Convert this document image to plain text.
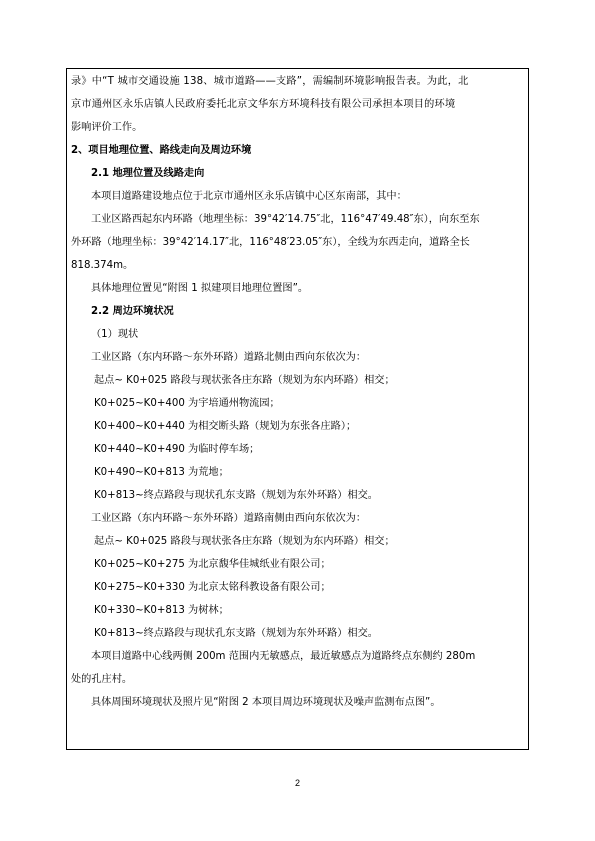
录》中“T 城市交通设施 138、城市道路——支路”，需编制环境影响报告表。为此，北
京市通州区永乐店镇人民政府委托北京文华东方环境科技有限公司承担本项目的环境
影响评价工作。
2、项目地理位置、路线走向及周边环境
2.1 地理位置及线路走向
本项目道路建设地点位于北京市通州区永乐店镇中心区东南部，其中：
工业区路西起东内环路（地理坐标：39°42′14.75″北，116°47′49.48″东），向东至东
外环路（地理坐标：39°42′14.17″北，116°48′23.05″东），全线为东西走向，道路全长
818.374m。
具体地理位置见“附图 1 拟建项目地理位置图”。
2.2 周边环境状况
（1）现状
工业区路（东内环路～东外环路）道路北侧由西向东依次为：
起点~ K0+025 路段与现状张各庄东路（规划为东内环路）相交；
K0+025~K0+400 为宇培通州物流园；
K0+400~K0+440 为相交断头路（规划为东张各庄路）；
K0+440~K0+490 为临时停车场；
K0+490~K0+813 为荒地；
K0+813~终点路段与现状孔东支路（规划为东外环路）相交。
工业区路（东内环路～东外环路）道路南侧由西向东依次为：
起点~ K0+025 路段与现状张各庄东路（规划为东内环路）相交；
K0+025~K0+275 为北京馥华佳城纸业有限公司；
K0+275~K0+330 为北京太铭科教设备有限公司；
K0+330~K0+813 为树林；
K0+813~终点路段与现状孔东支路（规划为东外环路）相交。
本项目道路中心线两侧 200m 范围内无敏感点，最近敏感点为道路终点东侧约 280m
处的孔庄村。
具体周围环境现状及照片见“附图 2 本项目周边环境现状及噪声监测布点图”。
2
